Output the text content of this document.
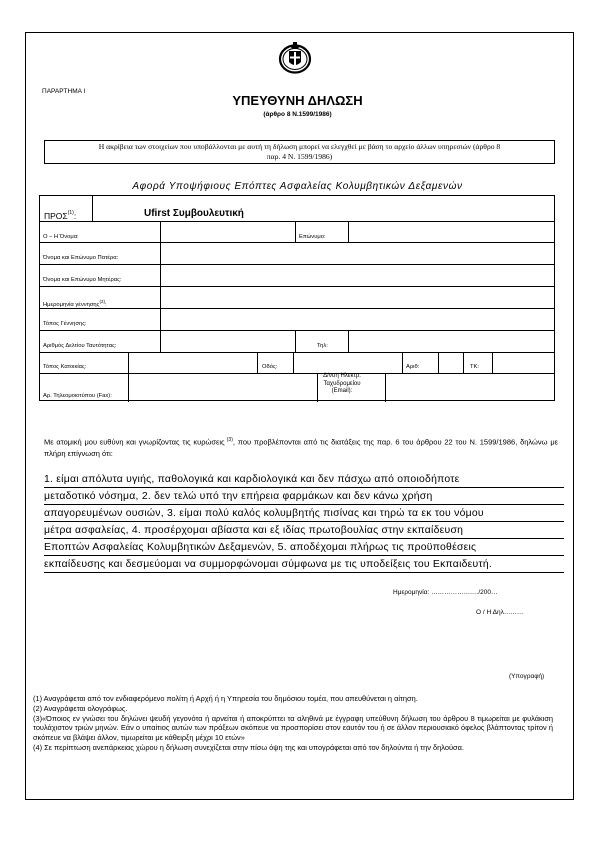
ΠΑΡΑΡΤΗΜΑ Ι
ΥΠΕΥΘΥΝΗ ΔΗΛΩΣΗ
(άρθρο 8 Ν.1599/1986)
Η ακρίβεια των στοιχείων που υποβάλλονται με αυτή τη δήλωση μπορεί να ελεγχθεί με βάση το αρχείο άλλων υπηρεσιών (άρθρο 8
παρ. 4 Ν. 1599/1986)
Αφορά Υποψήφιους Επόπτες Ασφαλείας Κολυμβητικών Δεξαμενών
ΠΡΟΣ$^{(1)}$:	Ufirst Συμβουλευτική
Ο – Η Όνομα:	Επώνυμο:
Όνομα και Επώνυμο Πατέρα:
Όνομα και Επώνυμο Μητέρας:
Ημερομηνία γέννησης$^{(2)}$:
Τόπος Γέννησης:
Αριθμός Δελτίου Ταυτότητας:	Τηλ:
Τόπος Κατοικίας:	Οδός:	Αριθ:	ΤΚ:
Αρ. Τηλεομοιοτύπου (Fax):
Δ/νση Ηλεκτρ.
Ταχυδρομείου
(Email):
Με ατομική μου ευθύνη και γνωρίζοντας τις κυρώσεις $^{(3)}$, που προβλέπονται από τις διατάξεις της παρ. 6 του άρθρου 22 του Ν. 1599/1986, δηλώνω με πλήρη επίγνωση ότι:
1. είμαι απόλυτα υγιής, παθολογικά και καρδιολογικά και δεν πάσχω από οποιοδήποτε
μεταδοτικό νόσημα, 2. δεν τελώ υπό την επήρεια φαρμάκων και δεν κάνω χρήση
απαγορευμένων ουσιών, 3. είμαι πολύ καλός κολυμβητής πισίνας και τηρώ τα εκ του νόμου
μέτρα ασφαλείας, 4. προσέρχομαι αβίαστα και εξ ιδίας πρωτοβουλίας στην εκπαίδευση
Εποπτών Ασφαλείας Κολυμβητικών Δεξαμενών, 5. αποδέχομαι πλήρως τις προϋποθέσεις
εκπαίδευσης και δεσμεύομαι να συμμορφώνομαι σύμφωνα με τις υποδείξεις του Εκπαιδευτή.
Ημερομηνία: ……………….…/200…
Ο / Η Δηλ………
(Υπογραφή)
(1) Αναγράφεται από τον ενδιαφερόμενο πολίτη ή Αρχή ή η Υπηρεσία του δημόσιου τομέα, που απευθύνεται η αίτηση.
(2) Αναγράφεται ολογράφως.
(3)«Όποιος εν γνώσει του δηλώνει ψευδή γεγονότα ή αρνείται ή αποκρύπτει τα αληθινά με έγγραφη υπεύθυνη δήλωση του άρθρου 8 τιμωρείται με φυλάκιση τουλάχιστον τριών μηνών. Εάν ο υπαίτιος αυτών των πράξεων σκόπευε να προσπορίσει στον εαυτόν του ή σε άλλον περιουσιακό όφελος βλάπτοντας τρίτον ή σκόπευε να βλάψει άλλον, τιμωρείται με κάθειρξη μέχρι 10 ετών»
(4) Σε περίπτωση ανεπάρκειας χώρου η δήλωση συνεχίζεται στην πίσω όψη της και υπογράφεται από τον δηλούντα ή την δηλούσα.
